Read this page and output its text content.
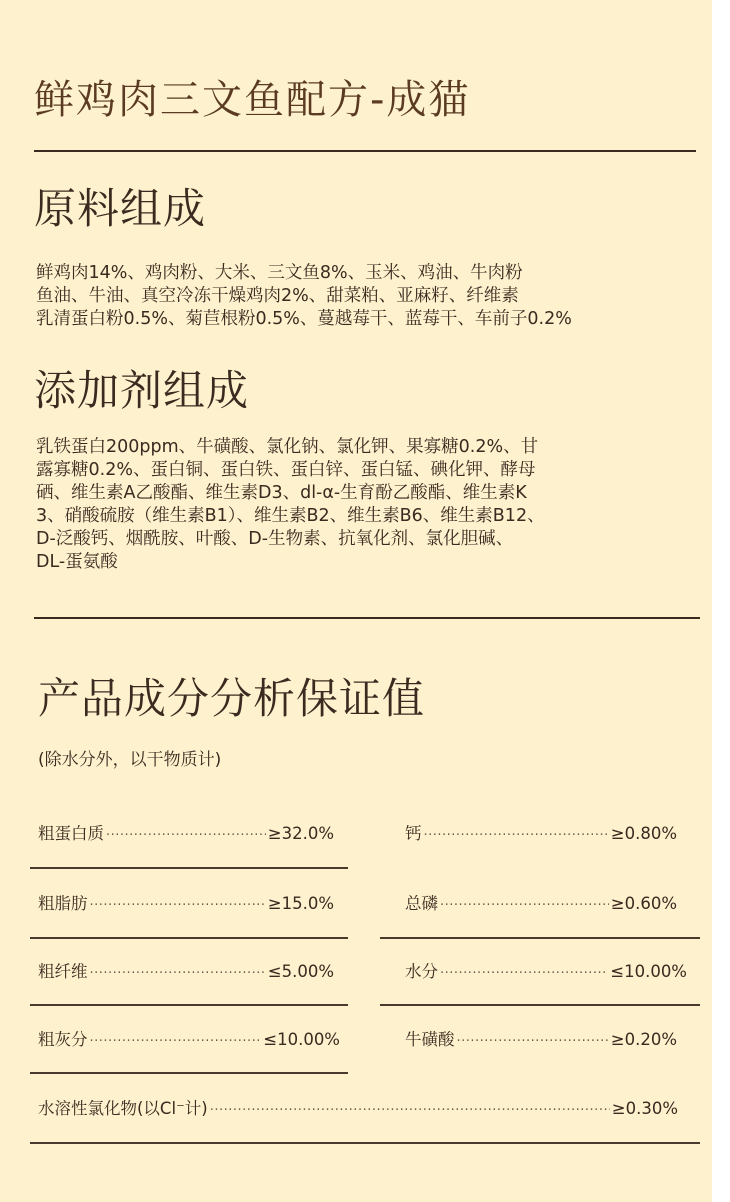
鲜鸡肉三文鱼配方-成猫
原料组成
鲜鸡肉14%、鸡肉粉、大米、三文鱼8%、玉米、鸡油、牛肉粉
鱼油、牛油、真空冷冻干燥鸡肉2%、甜菜粕、亚麻籽、纤维素
乳清蛋白粉0.5%、菊苣根粉0.5%、蔓越莓干、蓝莓干、车前子0.2%
添加剂组成
乳铁蛋白200ppm、牛磺酸、氯化钠、氯化钾、果寡糖0.2%、甘
露寡糖0.2%、蛋白铜、蛋白铁、蛋白锌、蛋白锰、碘化钾、酵母
硒、维生素A乙酸酯、维生素D3、dl-α-生育酚乙酸酯、维生素K
3、硝酸硫胺（维生素B1）、维生素B2、维生素B6、维生素B12、
D-泛酸钙、烟酰胺、叶酸、D-生物素、抗氧化剂、氯化胆碱、
DL-蛋氨酸
产品成分分析保证值
(除水分外，以干物质计)
粗蛋白质 ·····	≥32.0%
粗脂肪 ·····	≥15.0%
粗纤维 ·····	≤5.00%
粗灰分 ·····	≤10.00%
钙 ·····	≥0.80%
总磷 ·····	≥0.60%
水分 ·····	≤10.00%
牛磺酸 ·····	≥0.20%
水溶性氯化物(以Cl⁻计) ·····	≥0.30%
